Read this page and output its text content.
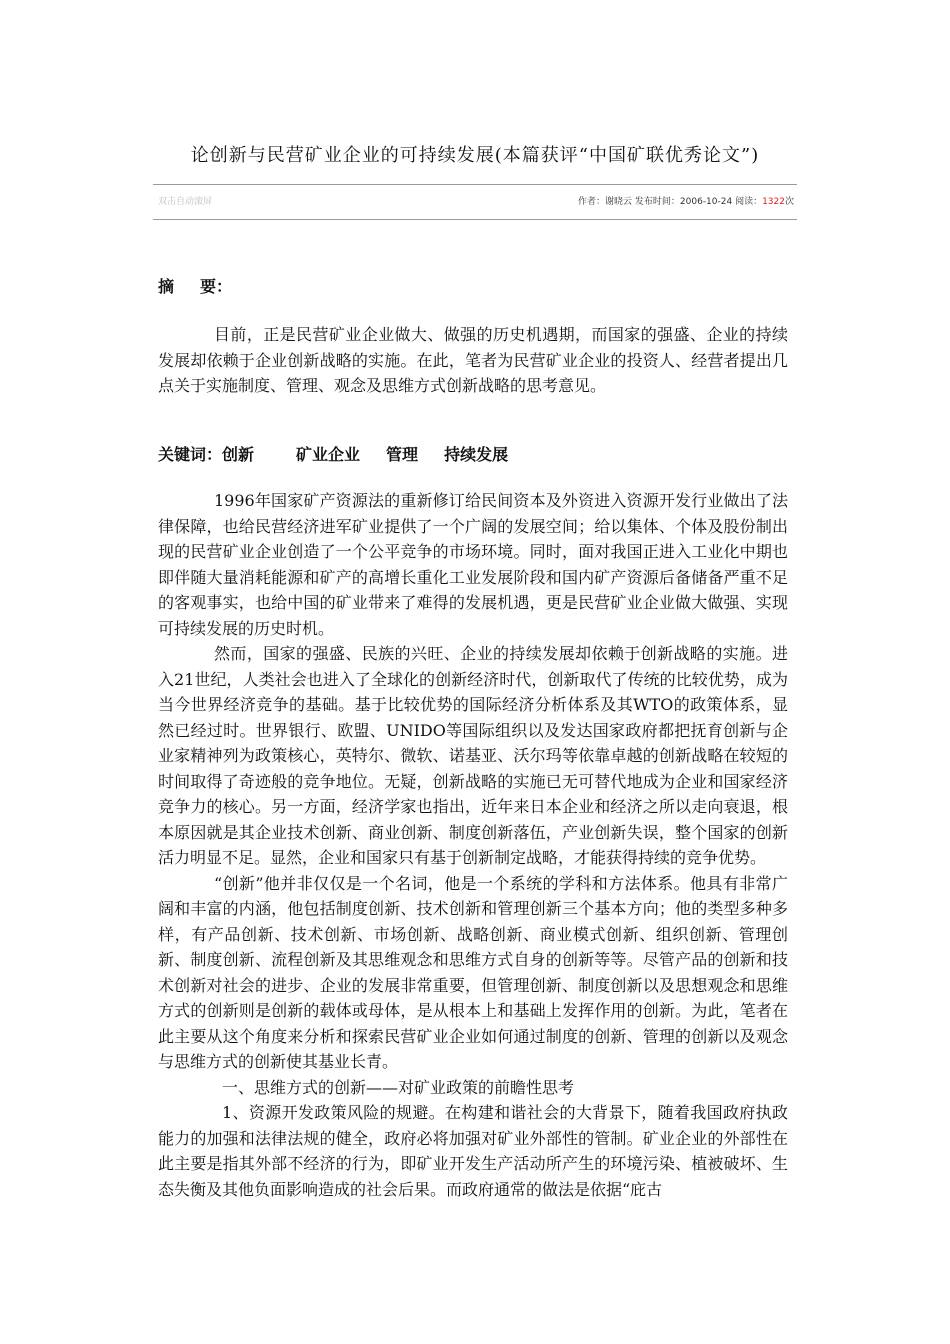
论创新与民营矿业企业的可持续发展(本篇获评“中国矿联优秀论文”)
双击自动滚屏	作者：谢晓云 发布时间：2006-10-24 阅读：1322次
摘 要：

目前，正是民营矿业企业做大、做强的历史机遇期，而国家的强盛、企业的持续发展却依赖于企业创新战略的实施。在此，笔者为民营矿业企业的投资人、经营者提出几点关于实施制度、管理、观念及思维方式创新战略的思考意见。

关键词：创新	矿业企业 管理 持续发展

1996年国家矿产资源法的重新修订给民间资本及外资进入资源开发行业做出了法律保障，也给民营经济进军矿业提供了一个广阔的发展空间；给以集体、个体及股份制出现的民营矿业企业创造了一个公平竞争的市场环境。同时，面对我国正进入工业化中期也即伴随大量消耗能源和矿产的高增长重化工业发展阶段和国内矿产资源后备储备严重不足的客观事实，也给中国的矿业带来了难得的发展机遇，更是民营矿业企业做大做强、实现可持续发展的历史时机。

然而，国家的强盛、民族的兴旺、企业的持续发展却依赖于创新战略的实施。进入21世纪，人类社会也进入了全球化的创新经济时代，创新取代了传统的比较优势，成为当今世界经济竞争的基础。基于比较优势的国际经济分析体系及其WTO的政策体系，显然已经过时。世界银行、欧盟、UNIDO等国际组织以及发达国家政府都把抚育创新与企业家精神列为政策核心，英特尔、微软、诺基亚、沃尔玛等依靠卓越的创新战略在较短的时间取得了奇迹般的竞争地位。无疑，创新战略的实施已无可替代地成为企业和国家经济竞争力的核心。另一方面，经济学家也指出，近年来日本企业和经济之所以走向衰退，根本原因就是其企业技术创新、商业创新、制度创新落伍，产业创新失误，整个国家的创新活力明显不足。显然，企业和国家只有基于创新制定战略，才能获得持续的竞争优势。

“创新”他并非仅仅是一个名词，他是一个系统的学科和方法体系。他具有非常广阔和丰富的内涵，他包括制度创新、技术创新和管理创新三个基本方向；他的类型多种多样，有产品创新、技术创新、市场创新、战略创新、商业模式创新、组织创新、管理创新、制度创新、流程创新及其思维观念和思维方式自身的创新等等。尽管产品的创新和技术创新对社会的进步、企业的发展非常重要，但管理创新、制度创新以及思想观念和思维方式的创新则是创新的载体或母体，是从根本上和基础上发挥作用的创新。为此，笔者在此主要从这个角度来分析和探索民营矿业企业如何通过制度的创新、管理的创新以及观念与思维方式的创新使其基业长青。

一、思维方式的创新——对矿业政策的前瞻性思考

1、资源开发政策风险的规避。在构建和谐社会的大背景下，随着我国政府执政能力的加强和法律法规的健全，政府必将加强对矿业外部性的管制。矿业企业的外部性在此主要是指其外部不经济的行为，即矿业开发生产活动所产生的环境污染、植被破坏、生态失衡及其他负面影响造成的社会后果。而政府通常的做法是依据“庇古
